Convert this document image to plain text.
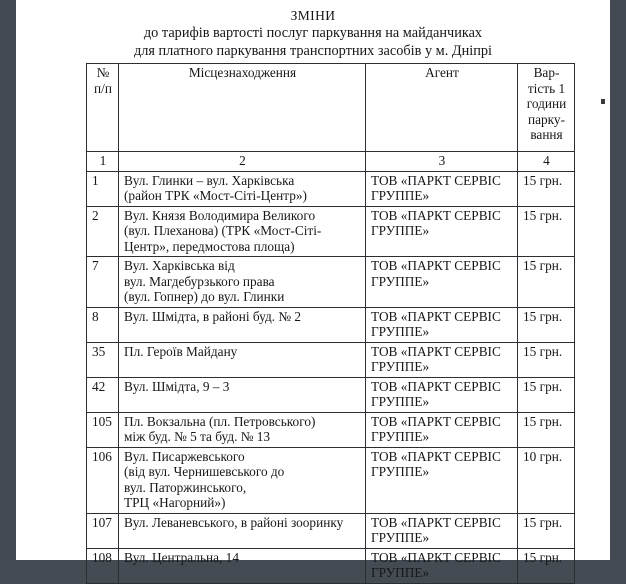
ЗМІНИ
до тарифів вартості послуг паркування на майданчиках
для платного паркування транспортних засобів у м. Дніпрі
№
п/п	Місцезнаходження	Агент	Вар-
тість 1
години
парку-
вання

1	2	3	4
1	Вул. Глинки – вул. Харківська
(район ТРК «Мост-Сіті-Центр»)	ТОВ «ПАРКТ СЕРВІС
ГРУППЕ»	15 грн.
2	Вул. Князя Володимира Великого
(вул. Плеханова) (ТРК «Мост-Сіті-
Центр», передмостова площа)	ТОВ «ПАРКТ СЕРВІС
ГРУППЕ»	15 грн.
7	Вул. Харківська від
вул. Магдебурзького права
(вул. Гопнер) до вул. Глинки	ТОВ «ПАРКТ СЕРВІС
ГРУППЕ»	15 грн.
8	Вул. Шмідта, в районі буд. № 2	ТОВ «ПАРКТ СЕРВІС
ГРУППЕ»	15 грн.
35	Пл. Героїв Майдану	ТОВ «ПАРКТ СЕРВІС
ГРУППЕ»	15 грн.
42	Вул. Шмідта, 9 – 3	ТОВ «ПАРКТ СЕРВІС
ГРУППЕ»	15 грн.
105	Пл. Вокзальна (пл. Петровського)
між буд. № 5 та буд. № 13	ТОВ «ПАРКТ СЕРВІС
ГРУППЕ»	15 грн.
106	Вул. Писаржевського
(від вул. Чернишевського до
вул. Паторжинського,
ТРЦ «Нагорний»)	ТОВ «ПАРКТ СЕРВІС
ГРУППЕ»	10 грн.
107	Вул. Леваневського, в районі зооринку	ТОВ «ПАРКТ СЕРВІС
ГРУППЕ»	15 грн.
108	Вул. Центральна, 14	ТОВ «ПАРКТ СЕРВІС
ГРУППЕ»	15 грн.
